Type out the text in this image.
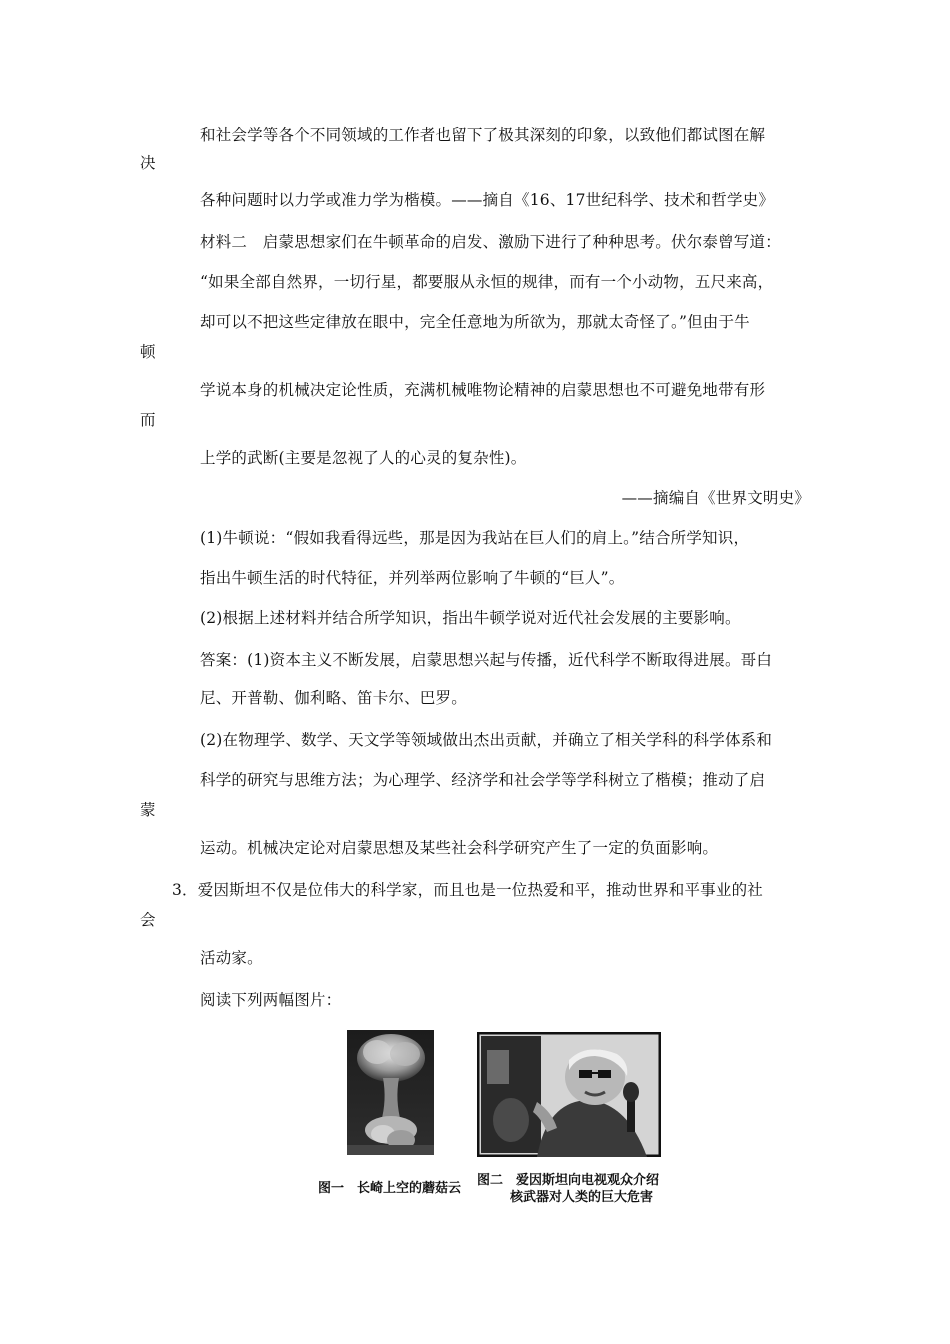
和社会学等各个不同领域的工作者也留下了极其深刻的印象，以致他们都试图在解
决
各种问题时以力学或准力学为楷模。——摘自《16、17世纪科学、技术和哲学史》
材料二　启蒙思想家们在牛顿革命的启发、激励下进行了种种思考。伏尔泰曾写道：
“如果全部自然界，一切行星，都要服从永恒的规律，而有一个小动物，五尺来高，
却可以不把这些定律放在眼中，完全任意地为所欲为，那就太奇怪了。”但由于牛
顿
学说本身的机械决定论性质，充满机械唯物论精神的启蒙思想也不可避免地带有形
而
上学的武断(主要是忽视了人的心灵的复杂性)。
——摘编自《世界文明史》
(1)牛顿说：“假如我看得远些，那是因为我站在巨人们的肩上。”结合所学知识，
指出牛顿生活的时代特征，并列举两位影响了牛顿的“巨人”。
(2)根据上述材料并结合所学知识，指出牛顿学说对近代社会发展的主要影响。
答案：(1)资本主义不断发展，启蒙思想兴起与传播，近代科学不断取得进展。哥白
尼、开普勒、伽利略、笛卡尔、巴罗。
(2)在物理学、数学、天文学等领域做出杰出贡献，并确立了相关学科的科学体系和
科学的研究与思维方法；为心理学、经济学和社会学等学科树立了楷模；推动了启
蒙
运动。机械决定论对启蒙思想及某些社会科学研究产生了一定的负面影响。
3．爱因斯坦不仅是位伟大的科学家，而且也是一位热爱和平，推动世界和平事业的社
会
活动家。
阅读下列两幅图片：
图一　长崎上空的蘑菇云
图二　爱因斯坦向电视观众介绍
核武器对人类的巨大危害
